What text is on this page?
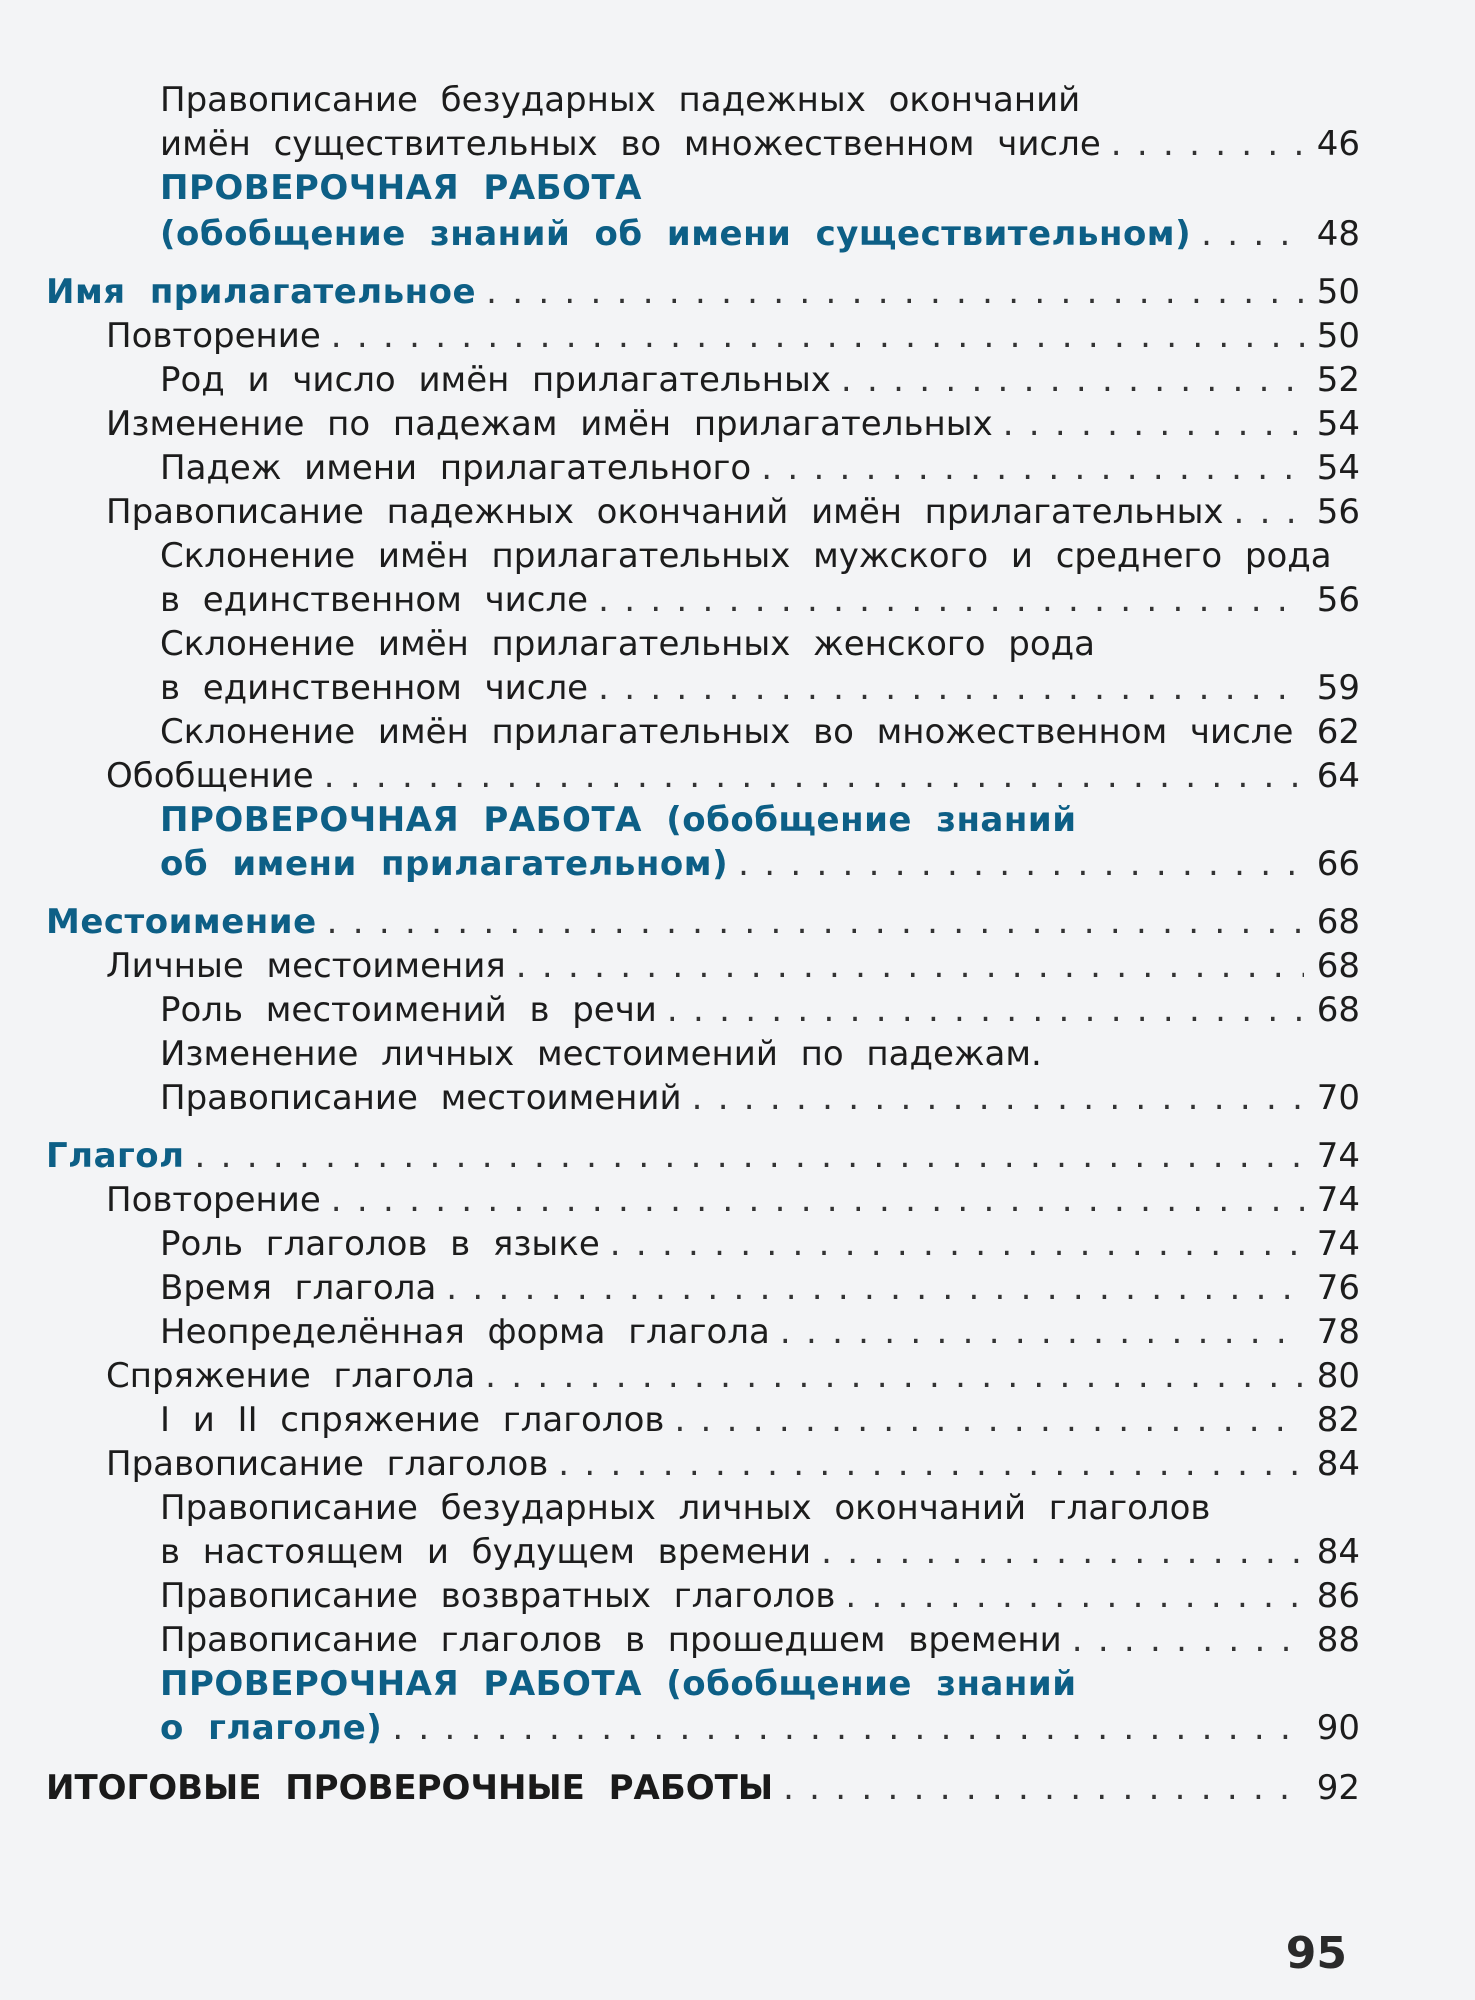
Правописание безударных падежных окончаний
имён существительных во множественном числе .....	46
ПРОВЕРОЧНАЯ РАБОТА
(обобщение знаний об имени существительном) .....	48
Имя прилагательное .....	50
Повторение .....	50
Род и число имён прилагательных .....	52
Изменение по падежам имён прилагательных .....	54
Падеж имени прилагательного .....	54
Правописание падежных окончаний имён прилагательных .....	56
Склонение имён прилагательных мужского и среднего рода
в единственном числе .....	56
Склонение имён прилагательных женского рода
в единственном числе .....	59
Склонение имён прилагательных во множественном числе ..... 62
Обобщение .....	64
ПРОВЕРОЧНАЯ РАБОТА (обобщение знаний
об имени прилагательном) .....	66
Местоимение .....	68
Личные местоимения .....	68
Роль местоимений в речи .....	68
Изменение личных местоимений по падежам.
Правописание местоимений .....	70
Глагол .....	74
Повторение .....	74
Роль глаголов в языке .....	74
Время глагола .....	76
Неопределённая форма глагола .....	78
Спряжение глагола .....	80
I и II спряжение глаголов .....	82
Правописание глаголов .....	84
Правописание безударных личных окончаний глаголов
в настоящем и будущем времени .....	84
Правописание возвратных глаголов .....	86
Правописание глаголов в прошедшем времени .....	88
ПРОВЕРОЧНАЯ РАБОТА (обобщение знаний
о глаголе) .....	90
ИТОГОВЫЕ ПРОВЕРОЧНЫЕ РАБОТЫ .....	92
95
